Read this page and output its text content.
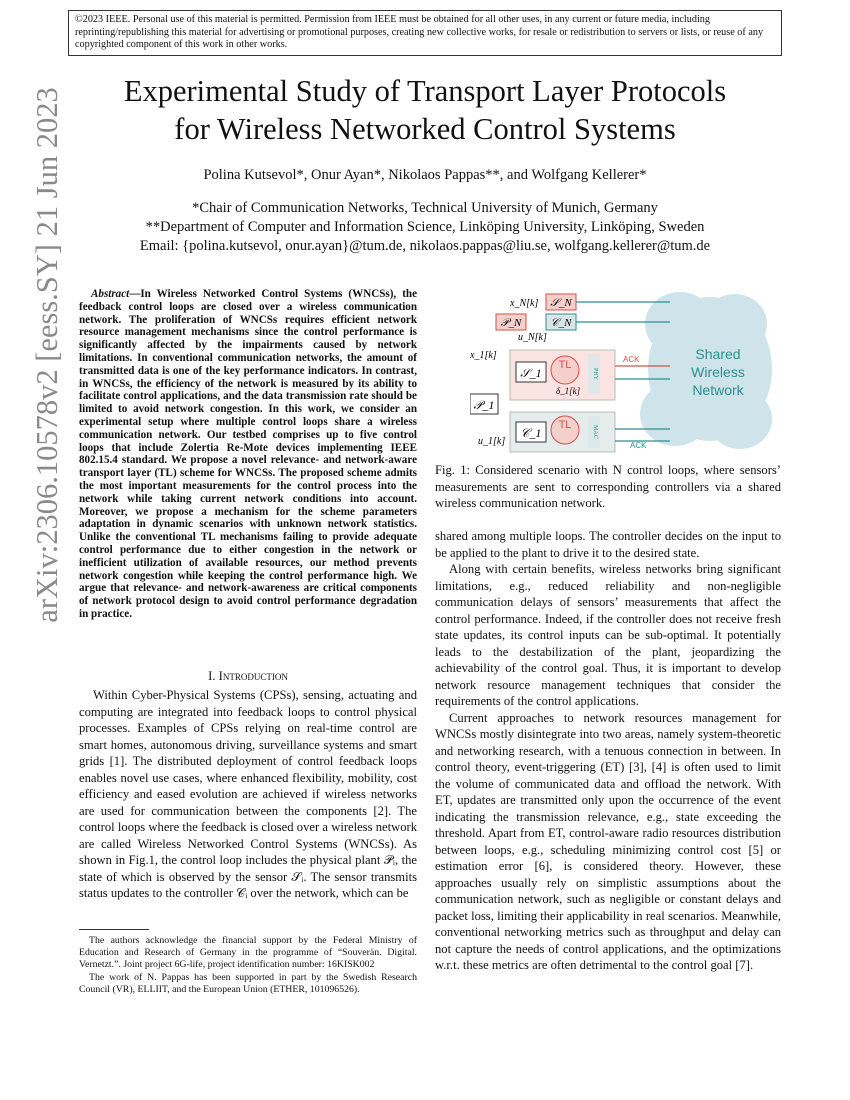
©2023 IEEE. Personal use of this material is permitted. Permission from IEEE must be obtained for all other uses, in any current or future media, including reprinting/republishing this material for advertising or promotional purposes, creating new collective works, for resale or redistribution to servers or lists, or reuse of any copyrighted component of this work in other works.
Experimental Study of Transport Layer Protocols
for Wireless Networked Control Systems
Polina Kutsevol*, Onur Ayan*, Nikolaos Pappas**, and Wolfgang Kellerer*
*Chair of Communication Networks, Technical University of Munich, Germany
**Department of Computer and Information Science, Linköping University, Linköping, Sweden
Email: {polina.kutsevol, onur.ayan}@tum.de, nikolaos.pappas@liu.se, wolfgang.kellerer@tum.de
arXiv:2306.10578v2 [eess.SY] 21 Jun 2023	Abstract—In Wireless Networked Control Systems (WNCSs), the feedback control loops are closed over a wireless communication network. The proliferation of WNCSs requires efficient network resource management mechanisms since the control performance is significantly affected by the impairments caused by network limitations. In conventional communication networks, the amount of transmitted data is one of the key performance indicators. In contrast, in WNCSs, the efficiency of the network is measured by its ability to facilitate control applications, and the data transmission rate should be limited to avoid network congestion. In this work, we consider an experimental setup where multiple control loops share a wireless communication network. Our testbed comprises up to five control loops that include Zolertia Re-Mote devices implementing IEEE 802.15.4 standard. We propose a novel relevance- and network-aware transport layer (TL) scheme for WNCSs. The proposed scheme admits the most important measurements for the control process into the network while taking current network conditions into account. Moreover, we propose a mechanism for the scheme parameters adaptation in dynamic scenarios with unknown network statistics. Unlike the conventional TL mechanisms failing to provide adequate control performance due to either congestion in the network or inefficient utilization of available resources, our method prevents network congestion while keeping the control performance high. We argue that relevance- and network-awareness are critical components of network protocol design to avoid control performance degradation in practice.

I. Introduction

Within Cyber-Physical Systems (CPSs), sensing, actuating and computing are integrated into feedback loops to control physical processes. Examples of CPSs relying on real-time control are smart homes, autonomous driving, surveillance systems and smart grids [1]. The distributed deployment of control feedback loops enables novel use cases, where enhanced flexibility, mobility, cost efficiency and eased evolution are achieved if wireless networks are used for communication between the components [2]. The control loops where the feedback is closed over a wireless network are called Wireless Networked Control Systems (WNCSs). As shown in Fig.1, the control loop includes the physical plant 𝒫ᵢ, the state of which is observed by the sensor 𝒮ᵢ. The sensor transmits status updates to the controller 𝒞ᵢ over the network, which can be

The authors acknowledge the financial support by the Federal Ministry of Education and Research of Germany in the programme of “Souverän. Digital. Vernetzt.”. Joint project 6G-life, project identification number: 16KISK002

The work of N. Pappas has been supported in part by the Swedish Research Council (VR), ELLIIT, and the European Union (ETHER, 101096526).

Shared
Wireless
Network
𝒮_N
x_N[k]
𝒫_N	𝒞_N
u_N[k]
𝒮_1
TL
δ_1[k]
PHY
x_1[k]	ACK
𝒫_1
𝒞_1
TL
MAC
u_1[k]	ACK
Fig. 1: Considered scenario with N control loops, where sensors’ measurements are sent to corresponding controllers via a shared wireless communication network.

shared among multiple loops. The controller decides on the input to be applied to the plant to drive it to the desired state.

Along with certain benefits, wireless networks bring significant limitations, e.g., reduced reliability and non-negligible communication delays of sensors’ measurements that affect the control performance. Indeed, if the controller does not receive fresh state updates, its control inputs can be sub-optimal. It potentially leads to the destabilization of the plant, jeopardizing the achievability of the control goal. Thus, it is important to develop network resource management techniques that consider the requirements of the control applications.

Current approaches to network resources management for WNCSs mostly disintegrate into two areas, namely system-theoretic and networking research, with a tenuous connection in between. In control theory, event-triggering (ET) [3], [4] is often used to limit the volume of communicated data and offload the network. With ET, updates are transmitted only upon the occurrence of the event indicating the transmission relevance, e.g., state exceeding the threshold. Apart from ET, control-aware radio resources distribution between loops, e.g., scheduling minimizing control cost [5] or estimation error [6], is considered theory. However, these approaches usually rely on simplistic assumptions about the communication network, such as negligible or constant delays and packet loss, limiting their applicability in real scenarios. Meanwhile, conventional networking metrics such as throughput and delay can not capture the needs of control applications, and the optimizations w.r.t. these metrics are often detrimental to the control goal [7].
